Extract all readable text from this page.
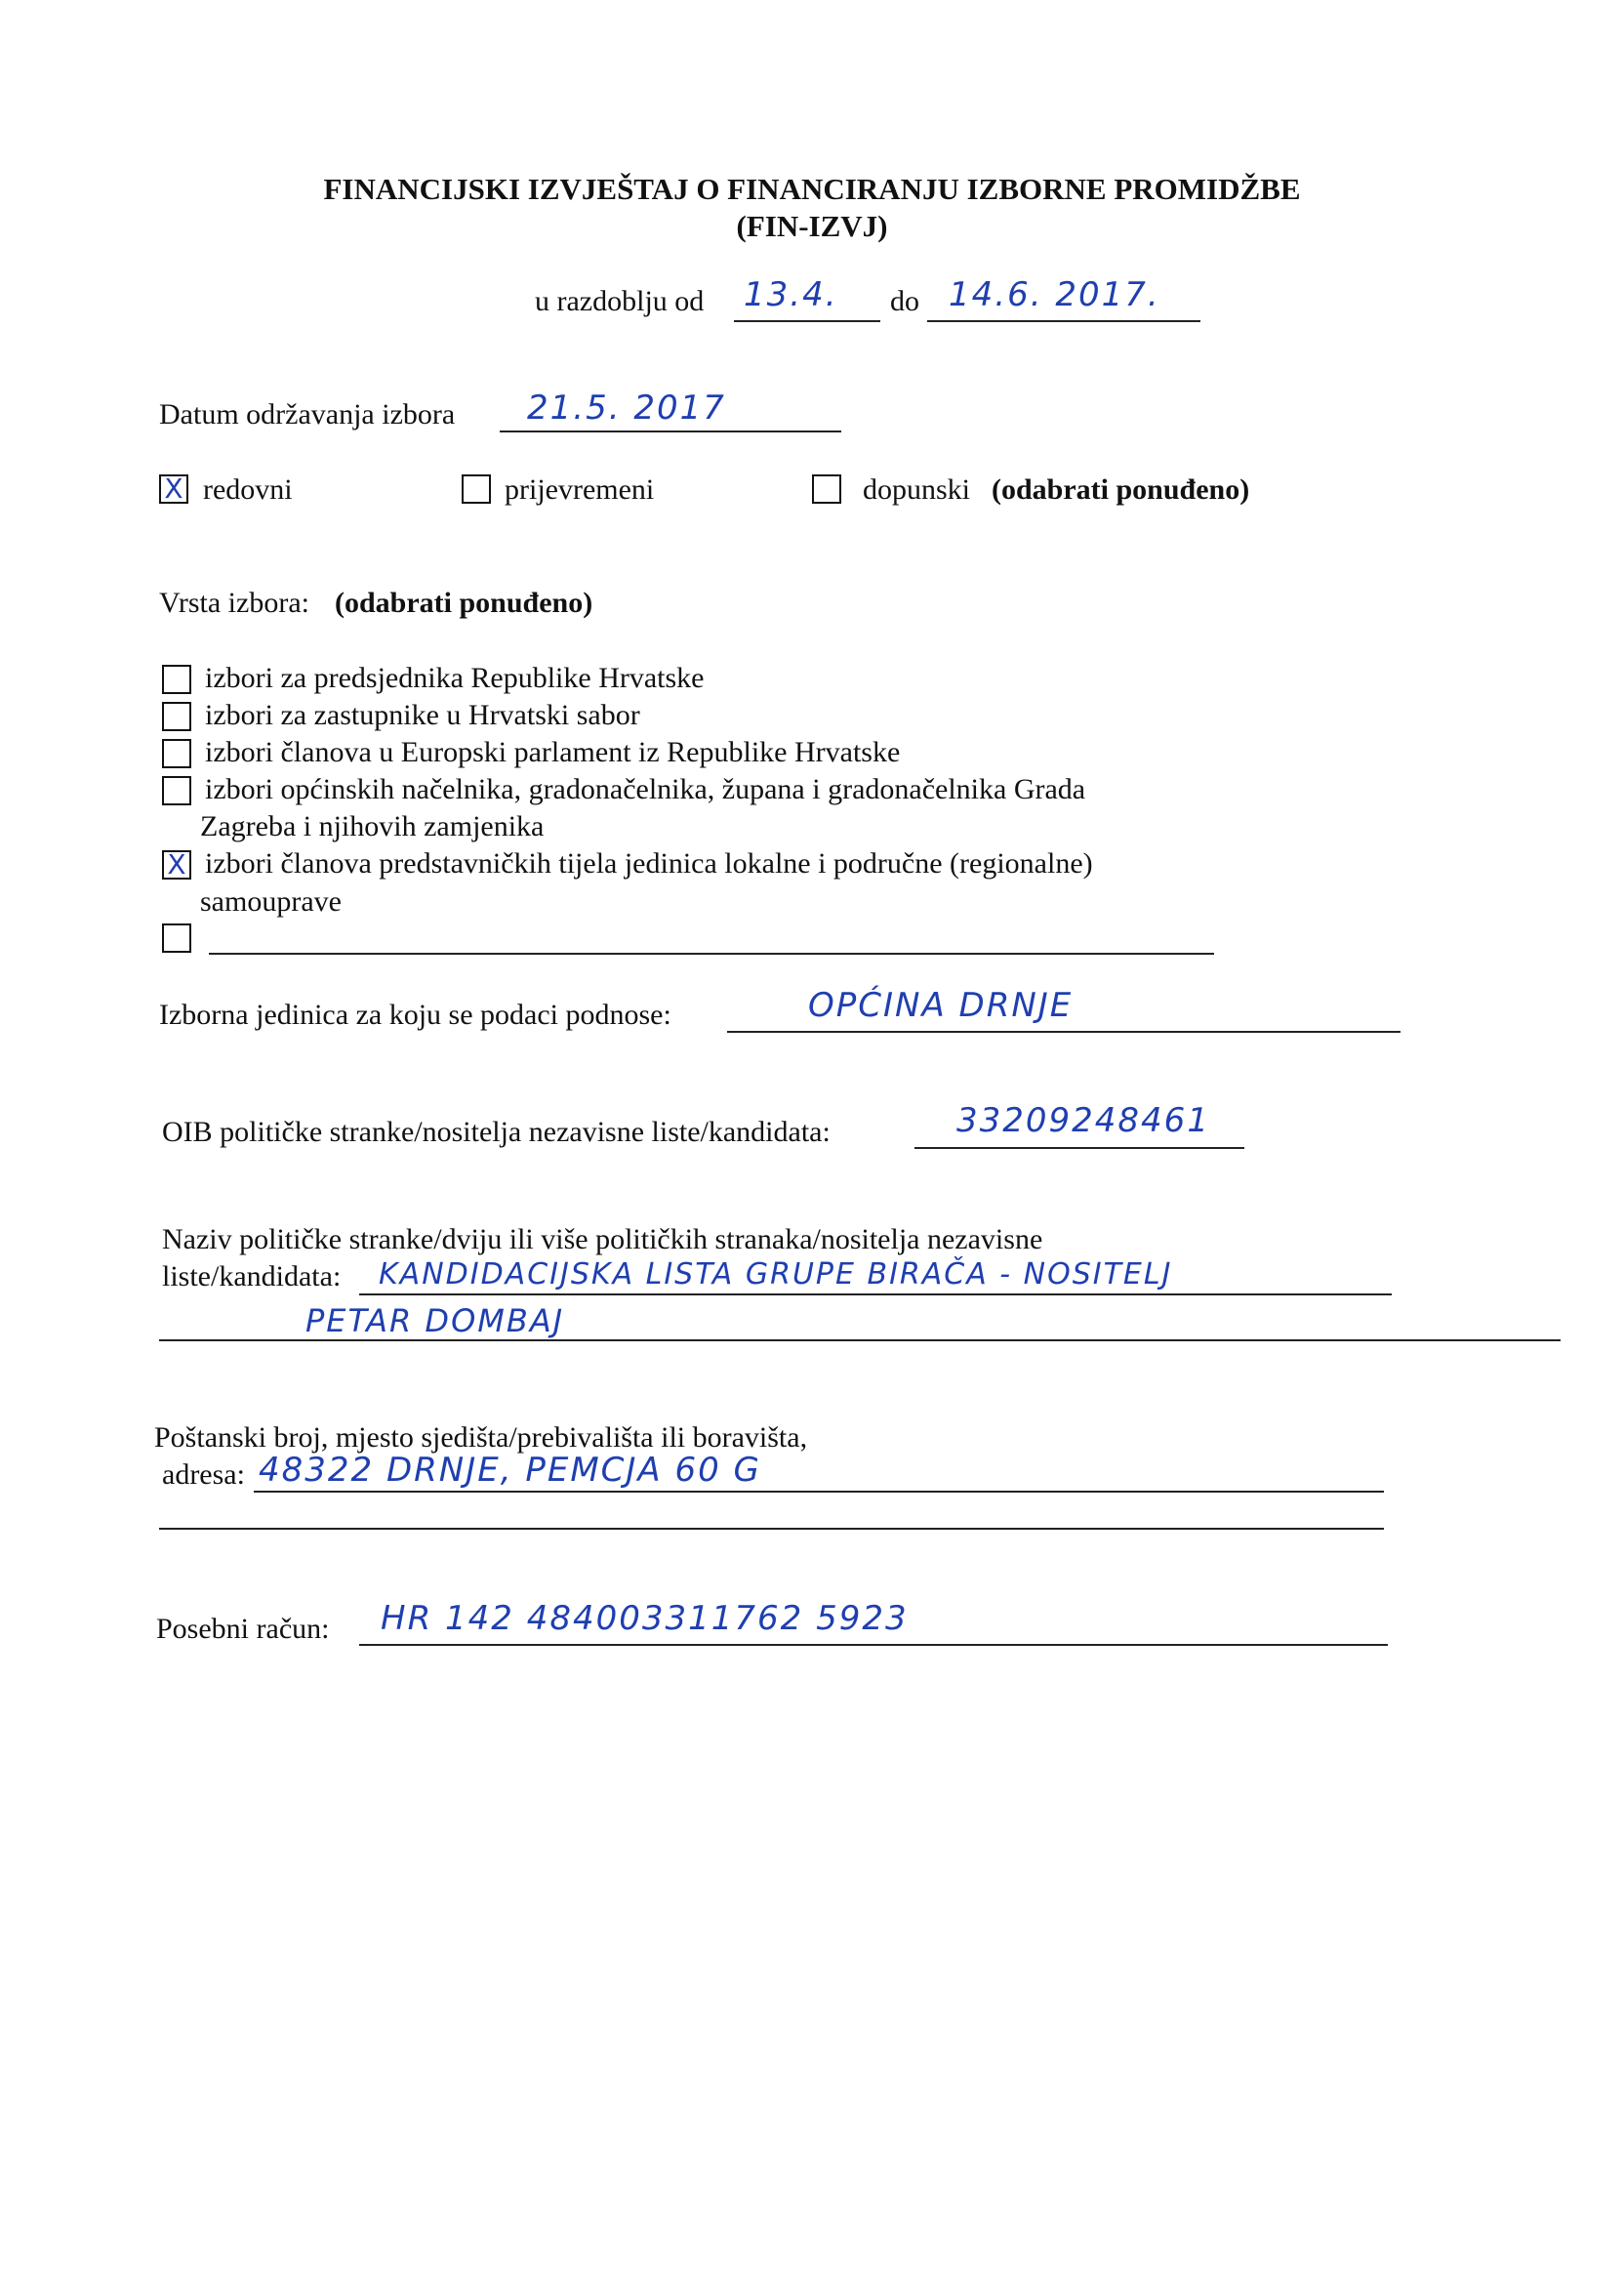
FINANCIJSKI IZVJEŠTAJ O FINANCIRANJU IZBORNE PROMIDŽBE
(FIN-IZVJ)
u razdoblju od 13.4. do 14.6. 2017.
Datum održavanja izbora 21.5. 2017
X redovni	prijevremeni	dopunski (odabrati ponuđeno)
Vrsta izbora: (odabrati ponuđeno)
izbori za predsjednika Republike Hrvatske
izbori za zastupnike u Hrvatski sabor
izbori članova u Europski parlament iz Republike Hrvatske
izbori općinskih načelnika, gradonačelnika, župana i gradonačelnika Grada
Zagreba i njihovih zamjenika
X izbori članova predstavničkih tijela jedinica lokalne i područne (regionalne)
samouprave
Izborna jedinica za koju se podaci podnose:	OPĆINA DRNJE
OIB političke stranke/nositelja nezavisne liste/kandidata:	33209248461
Naziv političke stranke/dviju ili više političkih stranaka/nositelja nezavisne
liste/kandidata: KANDIDACIJSKA LISTA GRUPE BIRAČA - NOSITELJ
PETAR DOMBAJ
Poštanski broj, mjesto sjedišta/prebivališta ili boravišta,
adresa: 48322 DRNJE, PEMCJA 60 G
Posebni račun: HR 142 484003311762 5923
